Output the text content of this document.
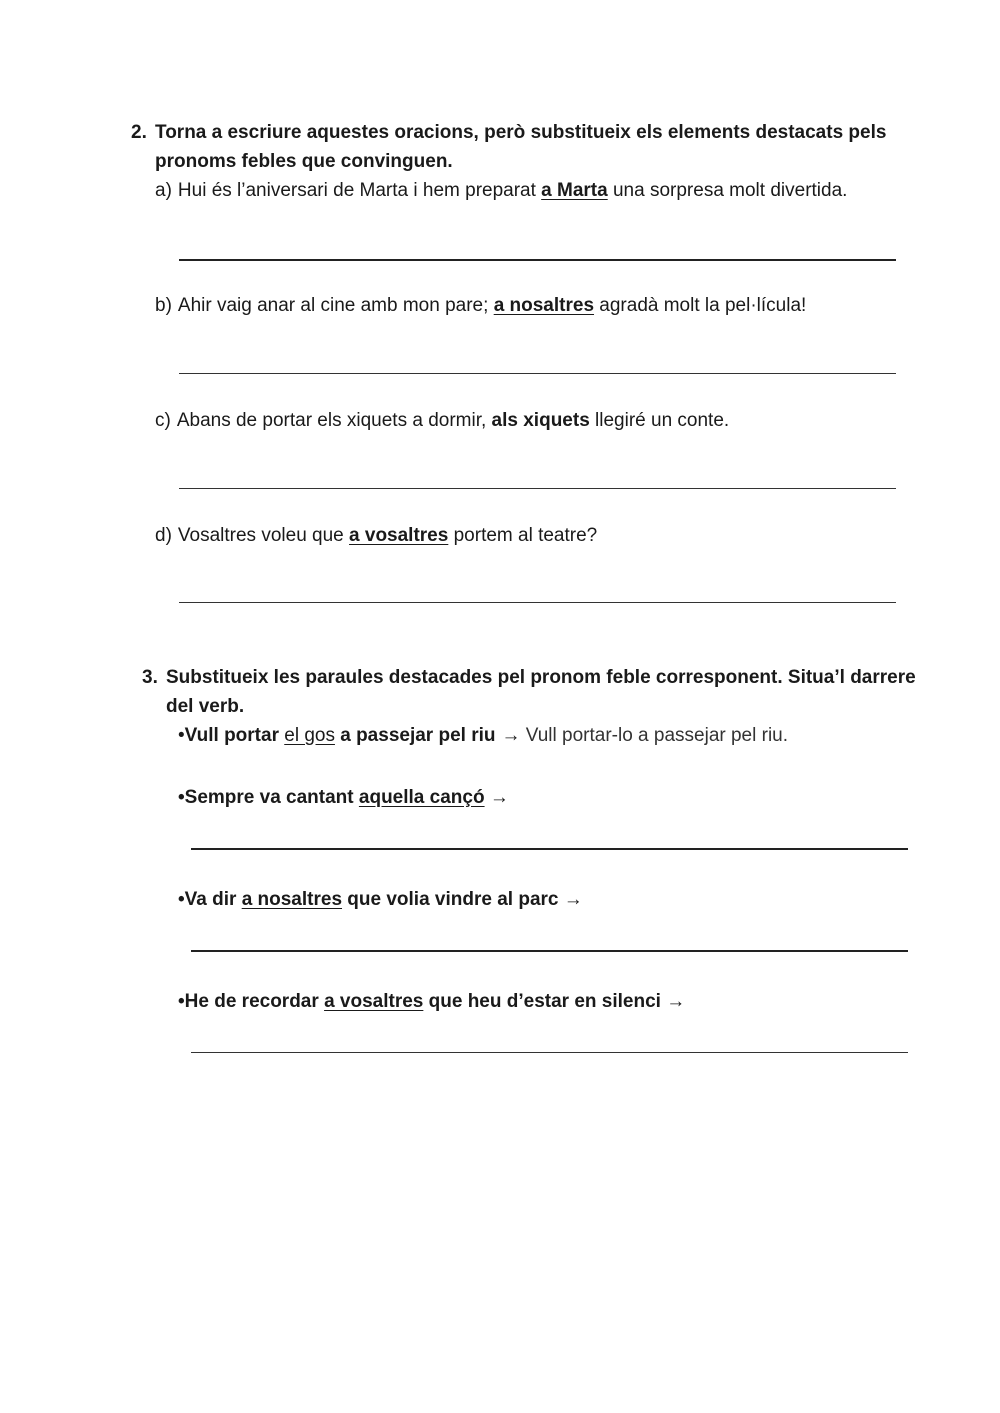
2. Torna a escriure aquestes oracions, però substitueix els elements destacats pels
pronoms febles que convinguen.
a) Hui és l’aniversari de Marta i hem preparat a Marta una sorpresa molt divertida.
b) Ahir vaig anar al cine amb mon pare; a nosaltres agradà molt la pel·lícula!
c) Abans de portar els xiquets a dormir, als xiquets llegiré un conte.
d) Vosaltres voleu que a vosaltres portem al teatre?
3. Substitueix les paraules destacades pel pronom feble corresponent. Situa’l darrere
del verb.
•Vull portar el gos a passejar pel riu → Vull portar-lo a passejar pel riu.
•Sempre va cantant aquella cançó →
•Va dir a nosaltres que volia vindre al parc →
•He de recordar a vosaltres que heu d’estar en silenci →
